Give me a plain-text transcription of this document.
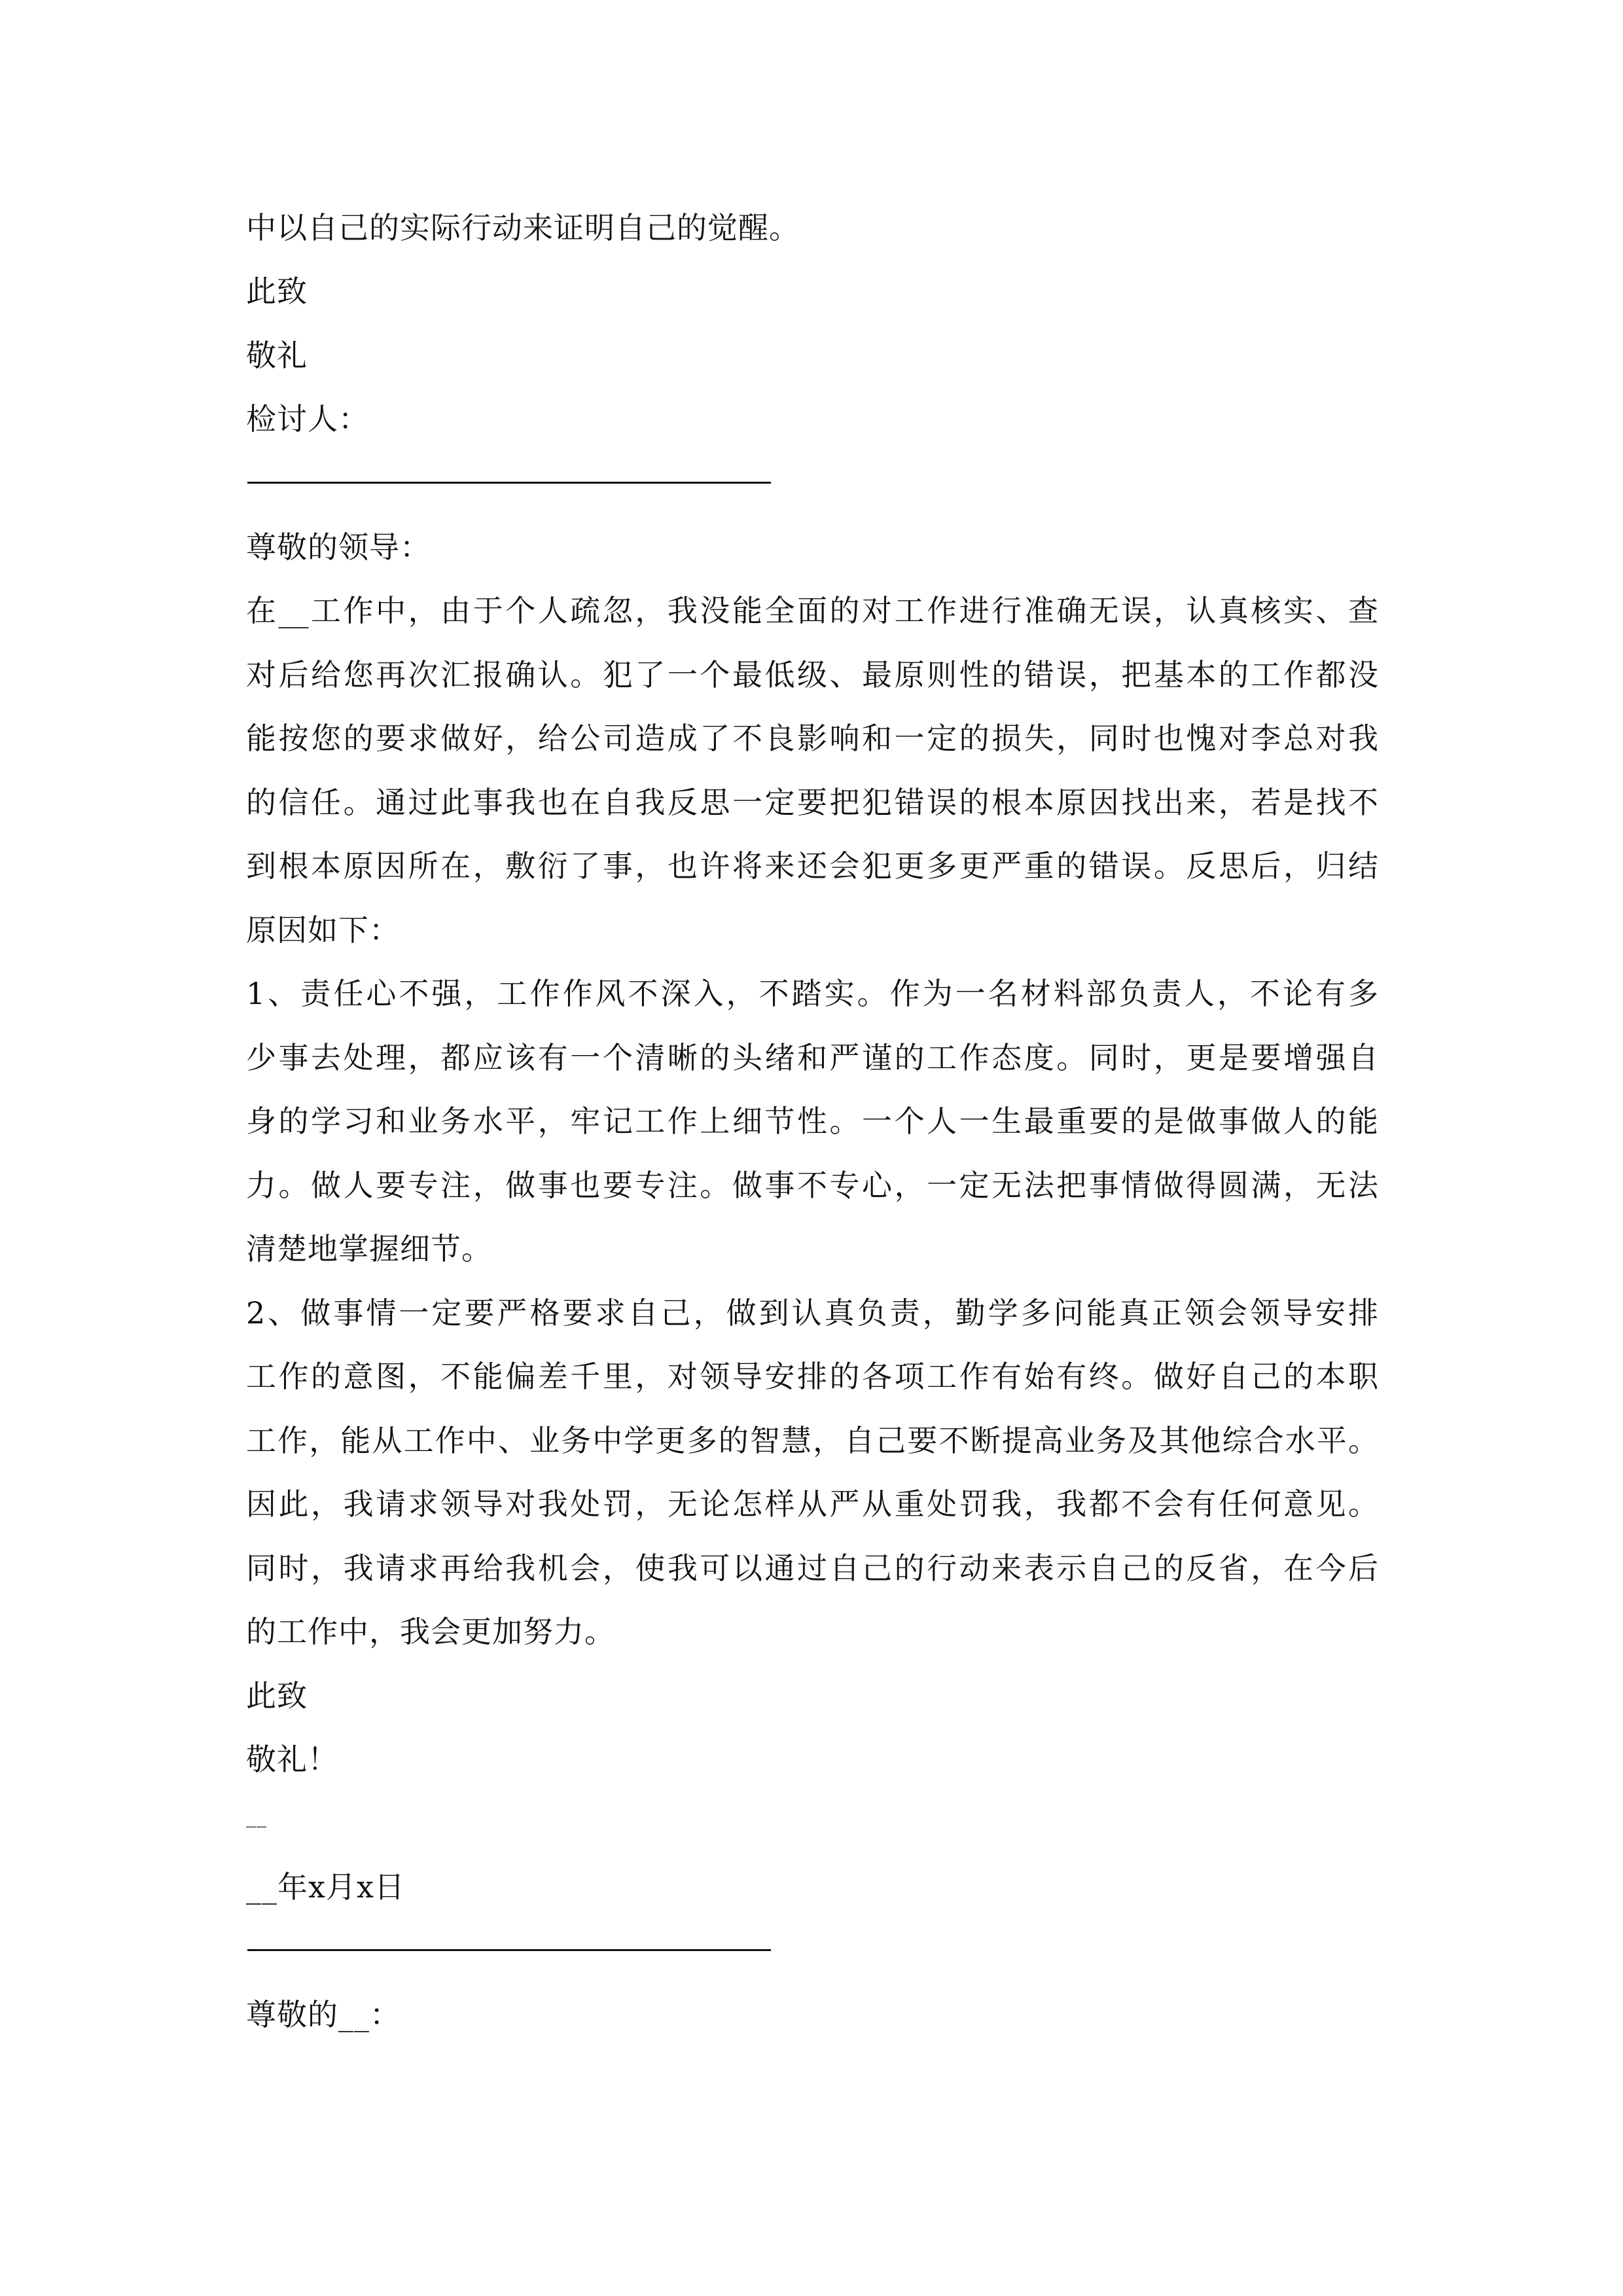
中以自己的实际行动来证明自己的觉醒。
此致
敬礼
检讨人：
尊敬的领导：
在__工作中，由于个人疏忽，我没能全面的对工作进行准确无误，认真核实、查
对后给您再次汇报确认。犯了一个最低级、最原则性的错误，把基本的工作都没
能按您的要求做好，给公司造成了不良影响和一定的损失，同时也愧对李总对我
的信任。通过此事我也在自我反思一定要把犯错误的根本原因找出来，若是找不
到根本原因所在，敷衍了事，也许将来还会犯更多更严重的错误。反思后，归结
原因如下：
1、责任心不强，工作作风不深入，不踏实。作为一名材料部负责人，不论有多
少事去处理，都应该有一个清晰的头绪和严谨的工作态度。同时，更是要增强自
身的学习和业务水平，牢记工作上细节性。一个人一生最重要的是做事做人的能
力。做人要专注，做事也要专注。做事不专心，一定无法把事情做得圆满，无法
清楚地掌握细节。
2、做事情一定要严格要求自己，做到认真负责，勤学多问能真正领会领导安排
工作的意图，不能偏差千里，对领导安排的各项工作有始有终。做好自己的本职
工作，能从工作中、业务中学更多的智慧，自己要不断提高业务及其他综合水平。
因此，我请求领导对我处罚，无论怎样从严从重处罚我，我都不会有任何意见。
同时，我请求再给我机会，使我可以通过自己的行动来表示自己的反省，在今后
的工作中，我会更加努力。
此致
敬礼！
__
__年x月x日
尊敬的__：
